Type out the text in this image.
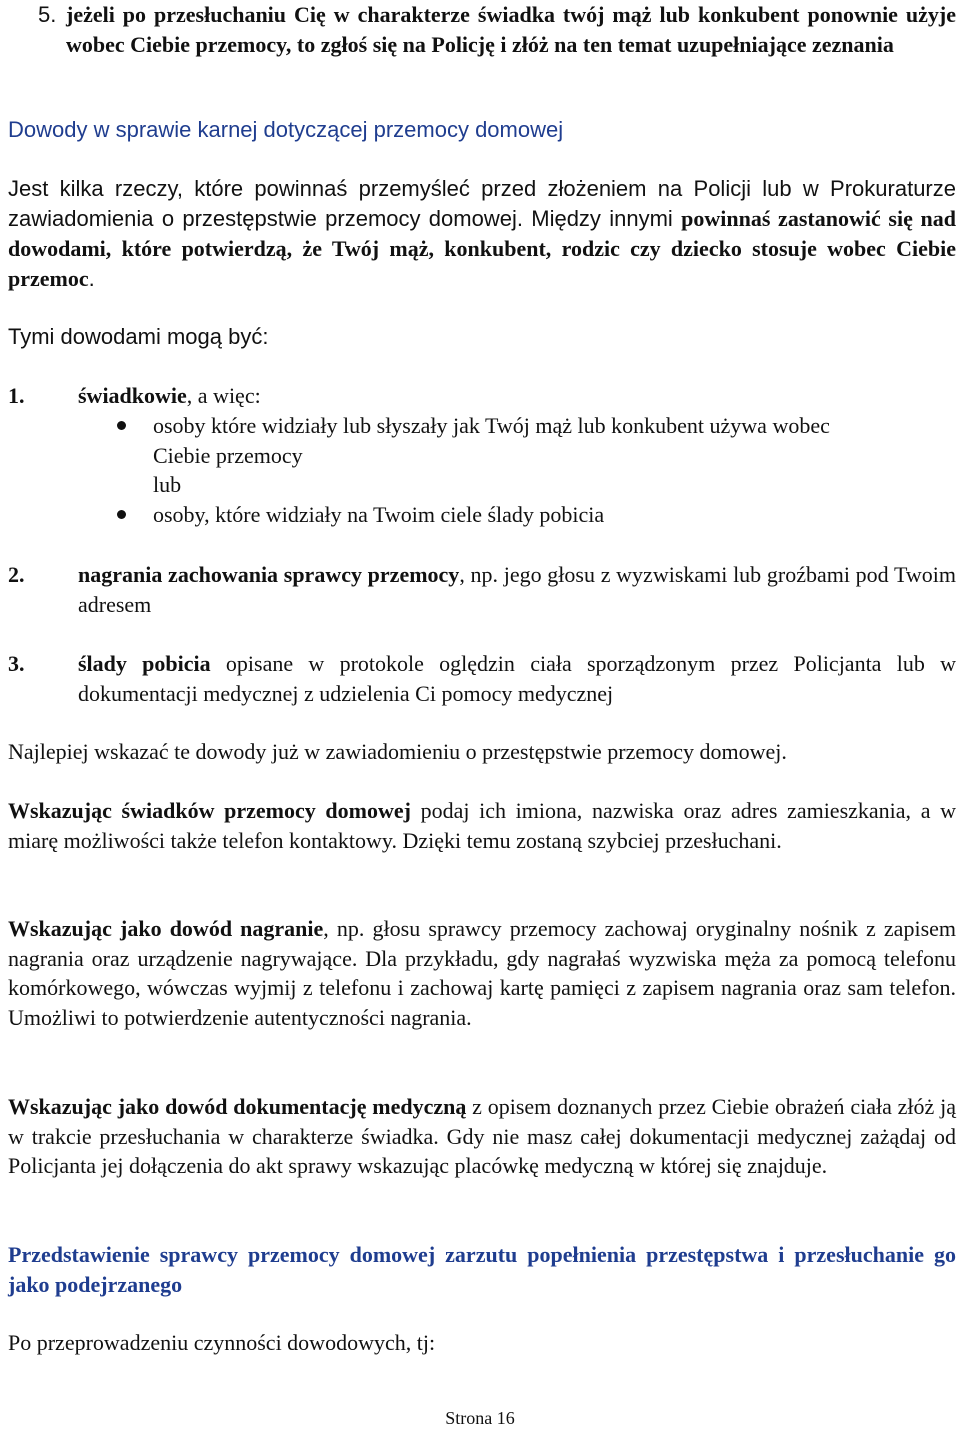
5. jeżeli po przesłuchaniu Cię w charakterze świadka twój mąż lub konkubent ponownie użyje wobec Ciebie przemocy, to zgłoś się na Policję i złóż na ten temat uzupełniające zeznania

Dowody w sprawie karnej dotyczącej przemocy domowej

Jest kilka rzeczy, które powinnaś przemyśleć przed złożeniem na Policji lub w Prokuraturze zawiadomienia o przestępstwie przemocy domowej. Między innymi powinnaś zastanowić się nad dowodami, które potwierdzą, że Twój mąż, konkubent, rodzic czy dziecko stosuje wobec Ciebie przemoc.

Tymi dowodami mogą być:

1. świadkowie, a więc:

osoby które widziały lub słyszały jak Twój mąż lub konkubent używa wobec
Ciebie przemocy

lub

osoby, które widziały na Twoim ciele ślady pobicia

2. nagrania zachowania sprawcy przemocy, np. jego głosu z wyzwiskami lub groźbami pod Twoim adresem

3. ślady pobicia opisane w protokole oględzin ciała sporządzonym przez Policjanta lub w dokumentacji medycznej z udzielenia Ci pomocy medycznej

Najlepiej wskazać te dowody już w zawiadomieniu o przestępstwie przemocy domowej.

Wskazując świadków przemocy domowej podaj ich imiona, nazwiska oraz adres zamieszkania, a w miarę możliwości także telefon kontaktowy. Dzięki temu zostaną szybciej przesłuchani.

Wskazując jako dowód nagranie, np. głosu sprawcy przemocy zachowaj oryginalny nośnik z zapisem nagrania oraz urządzenie nagrywające. Dla przykładu, gdy nagrałaś wyzwiska męża za pomocą telefonu komórkowego, wówczas wyjmij z telefonu i zachowaj kartę pamięci z zapisem nagrania oraz sam telefon. Umożliwi to potwierdzenie autentyczności nagrania.

Wskazując jako dowód dokumentację medyczną z opisem doznanych przez Ciebie obrażeń ciała złóż ją w trakcie przesłuchania w charakterze świadka. Gdy nie masz całej dokumentacji medycznej zażądaj od Policjanta jej dołączenia do akt sprawy wskazując placówkę medyczną w której się znajduje.

Przedstawienie sprawcy przemocy domowej zarzutu popełnienia przestępstwa i przesłuchanie go jako podejrzanego

Po przeprowadzeniu czynności dowodowych, tj:

Strona 16
